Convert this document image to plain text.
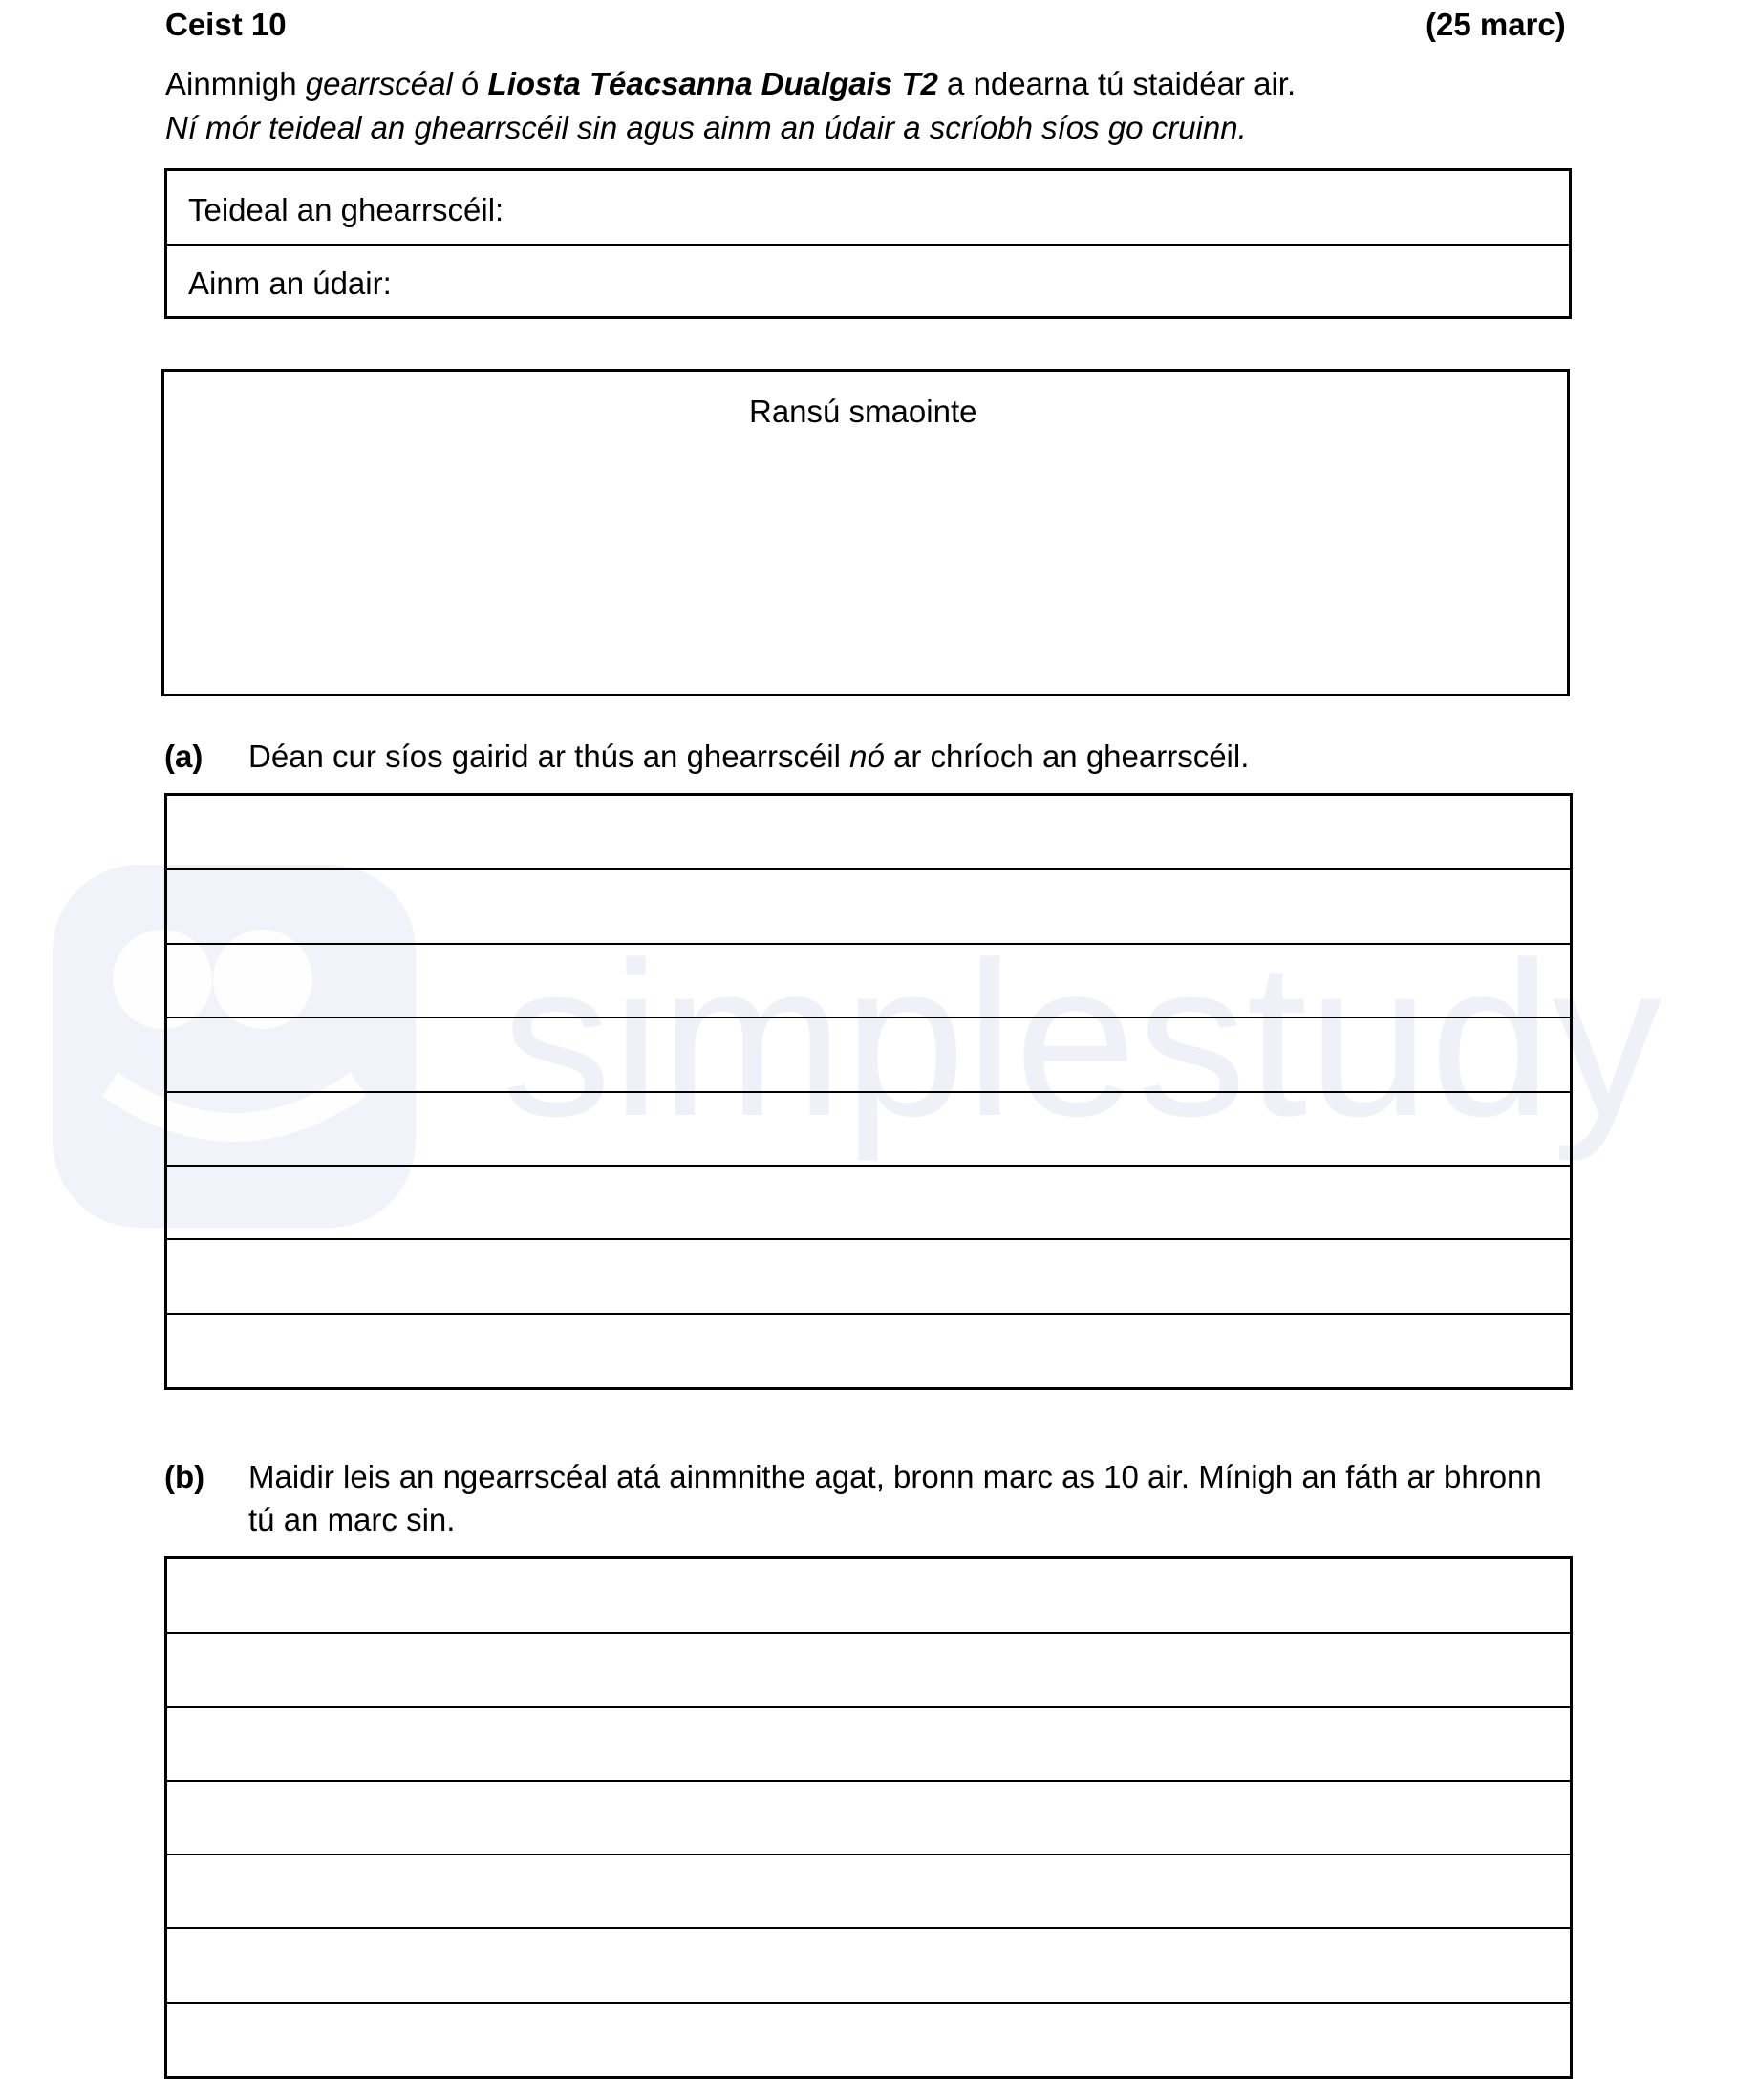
simplestudy
Ceist 10	(25 marc)
Ainmnigh gearrscéal ó Liosta Téacsanna Dualgais T2 a ndearna tú staidéar air.
Ní mór teideal an ghearrscéil sin agus ainm an údair a scríobh síos go cruinn.
Teideal an ghearrscéil:
Ainm an údair:
Ransú smaointe
(a) Déan cur síos gairid ar thús an ghearrscéil nó ar chríoch an ghearrscéil.
(b) Maidir leis an ngearrscéal atá ainmnithe agat, bronn marc as 10 air. Mínigh an fáth ar bhronn
tú an marc sin.
